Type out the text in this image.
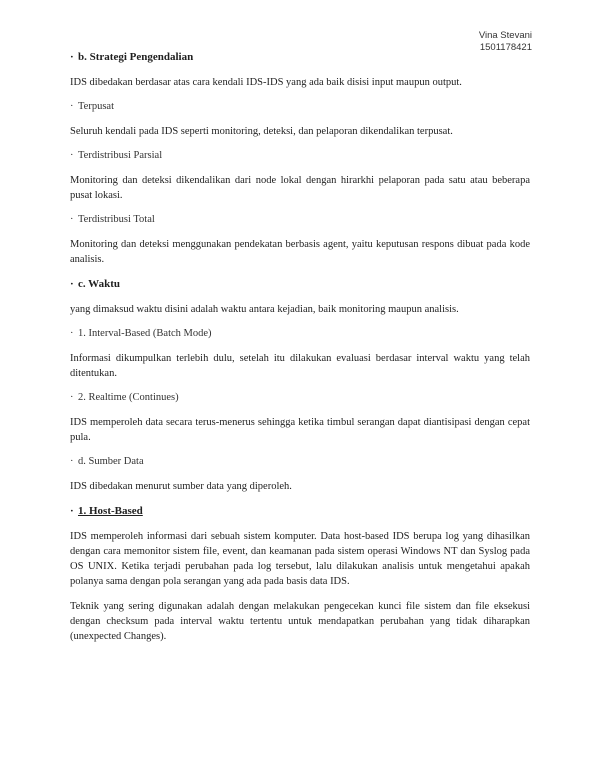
Vina Stevani
1501178421
· b. Strategi Pengendalian
IDS dibedakan berdasar atas cara kendali IDS-IDS yang ada baik disisi input maupun output.
· Terpusat
Seluruh kendali pada IDS seperti monitoring, deteksi, dan pelaporan dikendalikan terpusat.
· Terdistribusi Parsial
Monitoring dan deteksi dikendalikan dari node lokal dengan hirarkhi pelaporan pada satu atau beberapa pusat lokasi.
· Terdistribusi Total
Monitoring dan deteksi menggunakan pendekatan berbasis agent, yaitu keputusan respons dibuat pada kode analisis.
· c. Waktu
yang dimaksud waktu disini adalah waktu antara kejadian, baik monitoring maupun analisis.
· 1. Interval-Based (Batch Mode)
Informasi dikumpulkan terlebih dulu, setelah itu dilakukan evaluasi berdasar interval waktu yang telah ditentukan.
· 2. Realtime (Continues)
IDS memperoleh data secara terus-menerus sehingga ketika timbul serangan dapat diantisipasi dengan cepat pula.
· d. Sumber Data
IDS dibedakan menurut sumber data yang diperoleh.
· 1. Host-Based
IDS memperoleh informasi dari sebuah sistem komputer. Data host-based IDS berupa log yang dihasilkan dengan cara memonitor sistem file, event, dan keamanan pada sistem operasi Windows NT dan Syslog pada OS UNIX. Ketika terjadi perubahan pada log tersebut, lalu dilakukan analisis untuk mengetahui apakah polanya sama dengan pola serangan yang ada pada basis data IDS.
Teknik yang sering digunakan adalah dengan melakukan pengecekan kunci file sistem dan file eksekusi dengan checksum pada interval waktu tertentu untuk mendapatkan perubahan yang tidak diharapkan (unexpected Changes).
